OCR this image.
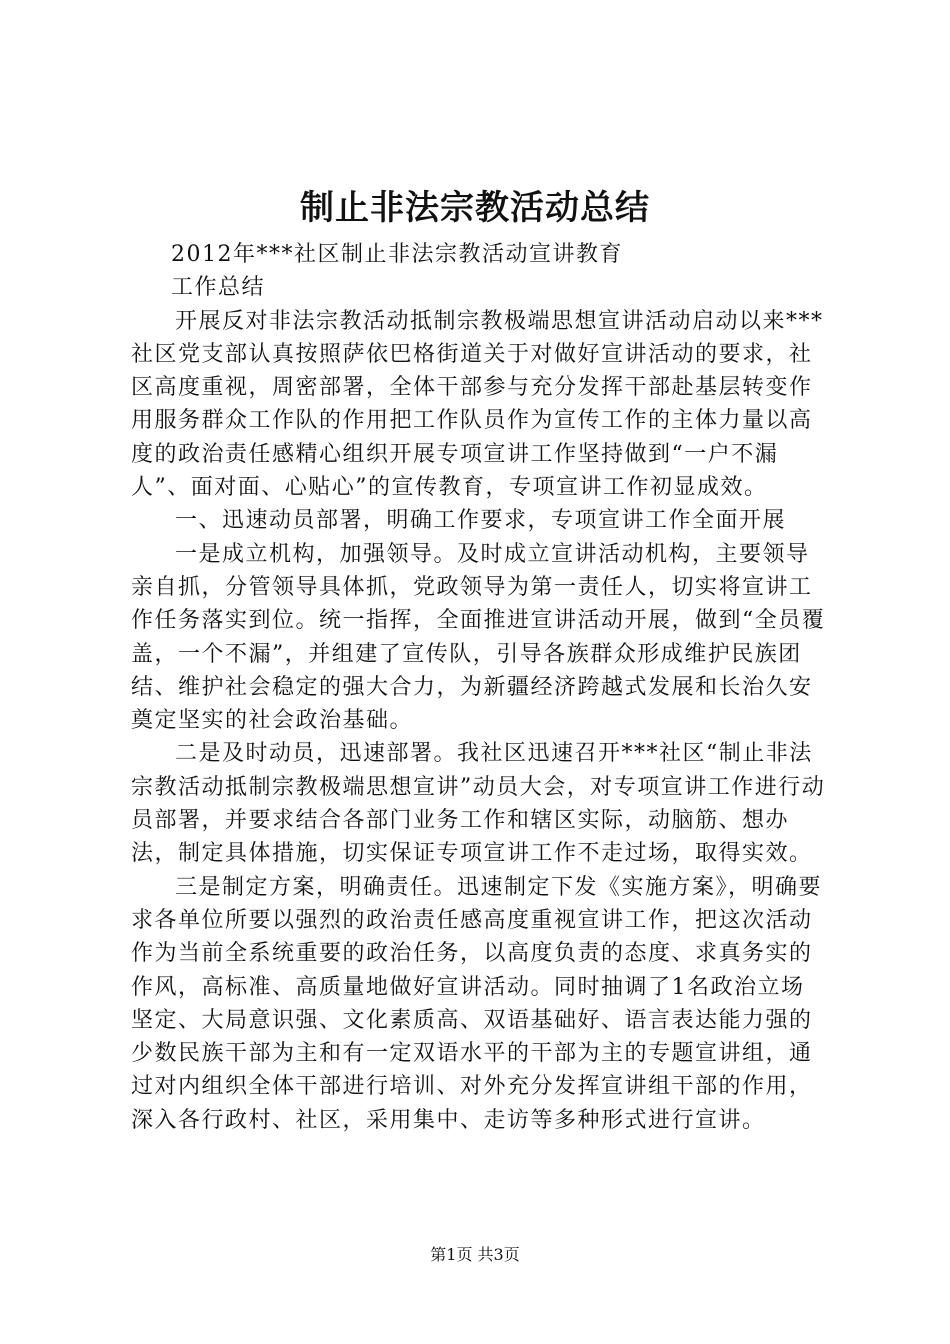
制止非法宗教活动总结

2012年***社区制止非法宗教活动宣讲教育

工作总结

开展反对非法宗教活动抵制宗教极端思想宣讲活动启动以来***社区党支部认真按照萨依巴格街道关于对做好宣讲活动的要求，社区高度重视，周密部署，全体干部参与充分发挥干部赴基层转变作用服务群众工作队的作用把工作队员作为宣传工作的主体力量以高度的政治责任感精心组织开展专项宣讲工作坚持做到“一户不漏人”、面对面、心贴心”的宣传教育，专项宣讲工作初显成效。

一、迅速动员部署，明确工作要求，专项宣讲工作全面开展

一是成立机构，加强领导。及时成立宣讲活动机构，主要领导亲自抓，分管领导具体抓，党政领导为第一责任人，切实将宣讲工作任务落实到位。统一指挥，全面推进宣讲活动开展，做到“全员覆盖，一个不漏”，并组建了宣传队，引导各族群众形成维护民族团结、维护社会稳定的强大合力，为新疆经济跨越式发展和长治久安奠定坚实的社会政治基础。

二是及时动员，迅速部署。我社区迅速召开***社区“制止非法宗教活动抵制宗教极端思想宣讲”动员大会，对专项宣讲工作进行动员部署，并要求结合各部门业务工作和辖区实际，动脑筋、想办法，制定具体措施，切实保证专项宣讲工作不走过场，取得实效。

三是制定方案，明确责任。迅速制定下发《实施方案》，明确要求各单位所要以强烈的政治责任感高度重视宣讲工作，把这次活动作为当前全系统重要的政治任务，以高度负责的态度、求真务实的作风，高标准、高质量地做好宣讲活动。同时抽调了1名政治立场坚定、大局意识强、文化素质高、双语基础好、语言表达能力强的少数民族干部为主和有一定双语水平的干部为主的专题宣讲组，通过对内组织全体干部进行培训、对外充分发挥宣讲组干部的作用，深入各行政村、社区，采用集中、走访等多种形式进行宣讲。

第1页 共3页
